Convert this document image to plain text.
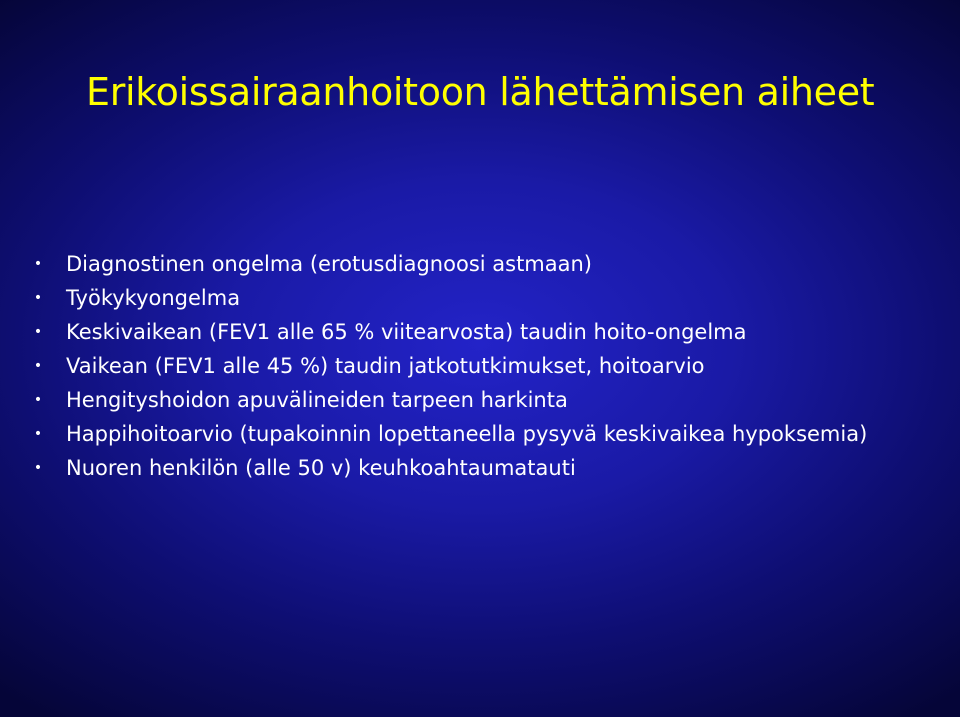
Erikoissairaanhoitoon lähettämisen aiheet
• Diagnostinen ongelma (erotusdiagnoosi astmaan)
• Työkykyongelma
• Keskivaikean (FEV1 alle 65 % viitearvosta) taudin hoito-ongelma
• Vaikean (FEV1 alle 45 %) taudin jatkotutkimukset, hoitoarvio
• Hengityshoidon apuvälineiden tarpeen harkinta
• Happihoitoarvio (tupakoinnin lopettaneella pysyvä keskivaikea hypoksemia)
• Nuoren henkilön (alle 50 v) keuhkoahtaumatauti
